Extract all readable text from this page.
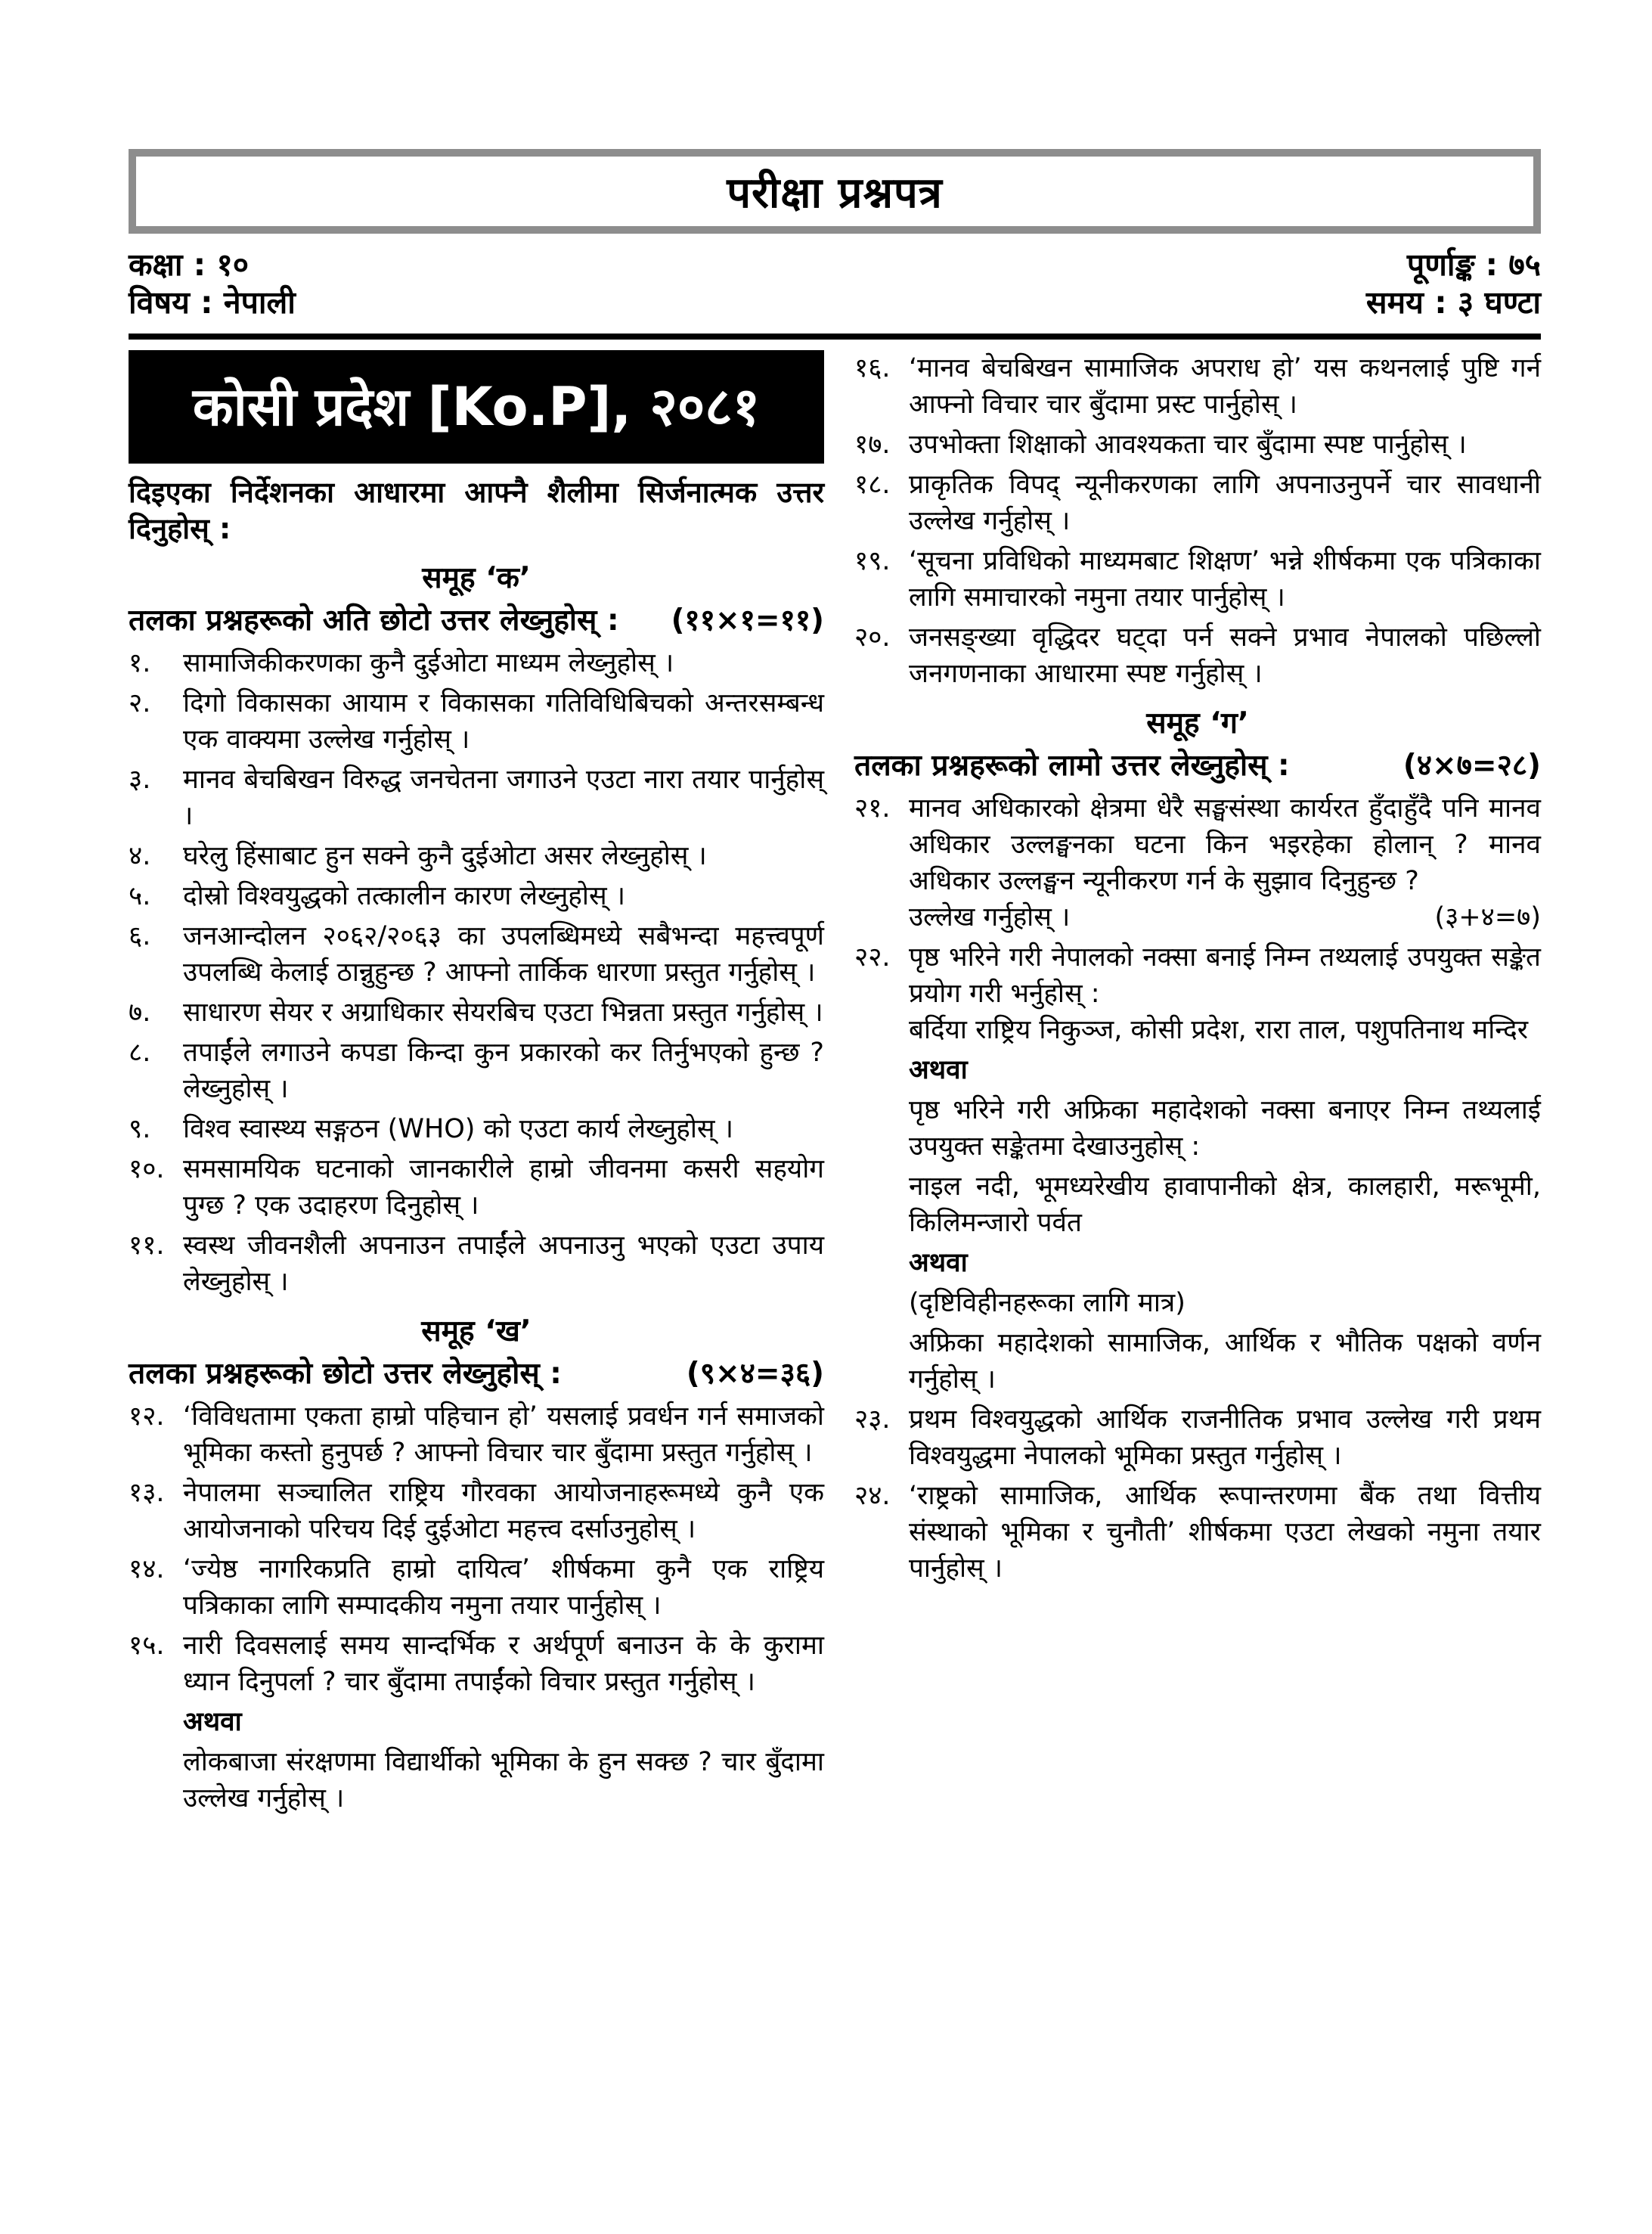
परीक्षा प्रश्नपत्र
कक्षा : १०	पूर्णाङ्क : ७५
विषय : नेपाली	समय : ३ घण्टा
कोसी प्रदेश [Ko.P], २०८१

दिइएका निर्देशनका आधारमा आफ्नै शैलीमा सिर्जनात्मक उत्तर दिनुहोस् :

समूह ‘क’
तलका प्रश्नहरूको अति छोटो उत्तर लेख्नुहोस् : (११×१=११)
१.	सामाजिकीकरणका कुनै दुईओटा माध्यम लेख्नुहोस् ।
२.	दिगो विकासका आयाम र विकासका गतिविधिबिचको अन्तरसम्बन्ध एक वाक्यमा उल्लेख गर्नुहोस् ।
३.	मानव बेचबिखन विरुद्ध जनचेतना जगाउने एउटा नारा तयार पार्नुहोस् ।
४.	घरेलु हिंसाबाट हुन सक्ने कुनै दुईओटा असर लेख्नुहोस् ।
५.	दोस्रो विश्वयुद्धको तत्कालीन कारण लेख्नुहोस् ।
६.	जनआन्दोलन २०६२/२०६३ का उपलब्धिमध्ये सबैभन्दा महत्त्वपूर्ण उपलब्धि केलाई ठान्नुहुन्छ ? आफ्नो तार्किक धारणा प्रस्तुत गर्नुहोस् ।
७.	साधारण सेयर र अग्राधिकार सेयरबिच एउटा भिन्नता प्रस्तुत गर्नुहोस् ।
८.	तपाईंले लगाउने कपडा किन्दा कुन प्रकारको कर तिर्नुभएको हुन्छ ? लेख्नुहोस् ।
९.	विश्व स्वास्थ्य सङ्गठन (WHO) को एउटा कार्य लेख्नुहोस् ।
१०. समसामयिक घटनाको जानकारीले हाम्रो जीवनमा कसरी सहयोग पुग्छ ? एक उदाहरण दिनुहोस् ।
११. स्वस्थ जीवनशैली अपनाउन तपाईंले अपनाउनु भएको एउटा उपाय लेख्नुहोस् ।
समूह ‘ख’
तलका प्रश्नहरूको छोटो उत्तर लेख्नुहोस् :	(९×४=३६)
१२. ‘विविधतामा एकता हाम्रो पहिचान हो’ यसलाई प्रवर्धन गर्न समाजको भूमिका कस्तो हुनुपर्छ ? आफ्नो विचार चार बुँदामा प्रस्तुत गर्नुहोस् ।
१३. नेपालमा सञ्चालित राष्ट्रिय गौरवका आयोजनाहरूमध्ये कुनै एक आयोजनाको परिचय दिई दुईओटा महत्त्व दर्साउनुहोस् ।
१४. ‘ज्येष्ठ नागरिकप्रति हाम्रो दायित्व’ शीर्षकमा कुनै एक राष्ट्रिय पत्रिकाका लागि सम्पादकीय नमुना तयार पार्नुहोस् ।
१५. नारी दिवसलाई समय सान्दर्भिक र अर्थपूर्ण बनाउन के के कुरामा ध्यान दिनुपर्ला ? चार बुँदामा तपाईंको विचार प्रस्तुत गर्नुहोस् ।
अथवा
लोकबाजा संरक्षणमा विद्यार्थीको भूमिका के हुन सक्छ ? चार बुँदामा उल्लेख गर्नुहोस् ।
१६. ‘मानव बेचबिखन सामाजिक अपराध हो’ यस कथनलाई पुष्टि गर्न आफ्नो विचार चार बुँदामा प्रस्ट पार्नुहोस् ।
१७. उपभोक्ता शिक्षाको आवश्यकता चार बुँदामा स्पष्ट पार्नुहोस् ।
१८. प्राकृतिक विपद् न्यूनीकरणका लागि अपनाउनुपर्ने चार सावधानी उल्लेख गर्नुहोस् ।
१९. ‘सूचना प्रविधिको माध्यमबाट शिक्षण’ भन्ने शीर्षकमा एक पत्रिकाका लागि समाचारको नमुना तयार पार्नुहोस् ।
२०. जनसङ्ख्या वृद्धिदर घट्दा पर्न सक्ने प्रभाव नेपालको पछिल्लो जनगणनाका आधारमा स्पष्ट गर्नुहोस् ।
समूह ‘ग’
तलका प्रश्नहरूको लामो उत्तर लेख्नुहोस् :	(४×७=२८)
२१. मानव अधिकारको क्षेत्रमा धेरै सङ्घसंस्था कार्यरत हुँदाहुँदै पनि मानव अधिकार उल्लङ्घनका घटना किन भइरहेका होलान् ? मानव अधिकार उल्लङ्घन न्यूनीकरण गर्न के सुझाव दिनुहुन्छ ?
उल्लेख गर्नुहोस् ।	(३+४=७)
२२. पृष्ठ भरिने गरी नेपालको नक्सा बनाई निम्न तथ्यलाई उपयुक्त सङ्केत प्रयोग गरी भर्नुहोस् :
बर्दिया राष्ट्रिय निकुञ्ज, कोसी प्रदेश, रारा ताल, पशुपतिनाथ मन्दिर
अथवा
पृष्ठ भरिने गरी अफ्रिका महादेशको नक्सा बनाएर निम्न तथ्यलाई उपयुक्त सङ्केतमा देखाउनुहोस् :
नाइल नदी, भूमध्यरेखीय हावापानीको क्षेत्र, कालहारी, मरूभूमी, किलिमन्जारो पर्वत
अथवा
(दृष्टिविहीनहरूका लागि मात्र)
अफ्रिका महादेशको सामाजिक, आर्थिक र भौतिक पक्षको वर्णन गर्नुहोस् ।
२३. प्रथम विश्वयुद्धको आर्थिक राजनीतिक प्रभाव उल्लेख गरी प्रथम विश्वयुद्धमा नेपालको भूमिका प्रस्तुत गर्नुहोस् ।
२४. ‘राष्ट्रको सामाजिक, आर्थिक रूपान्तरणमा बैंक तथा वित्तीय संस्थाको भूमिका र चुनौती’ शीर्षकमा एउटा लेखको नमुना तयार पार्नुहोस् ।
